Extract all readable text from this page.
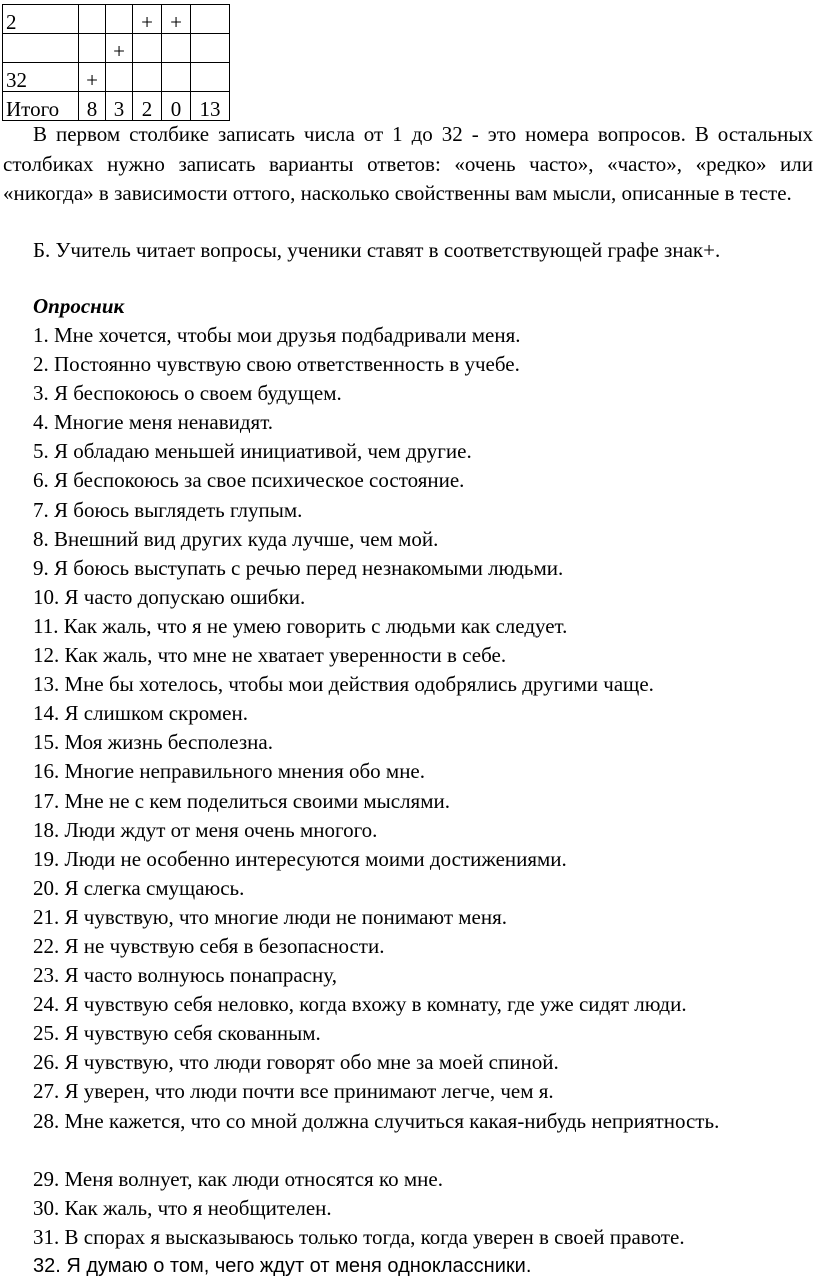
2			+	+	
		+			
32	+				
Итого	8	3	2	0	13

В первом столбике записать числа от 1 до 32 - это номера вопросов. В остальных столбиках нужно записать варианты ответов: «очень часто», «часто», «редко» или «никогда» в зависимости оттого, насколько свойственны вам мысли, описанные в тесте.

Б. Учитель читает вопросы, ученики ставят в соответствующей графе знак+.

Опросник

1. Мне хочется, чтобы мои друзья подбадривали меня.
2. Постоянно чувствую свою ответственность в учебе.
3. Я беспокоюсь о своем будущем.
4. Многие меня ненавидят.
5. Я обладаю меньшей инициативой, чем другие.
6. Я беспокоюсь за свое психическое состояние.
7. Я боюсь выглядеть глупым.
8. Внешний вид других куда лучше, чем мой.
9. Я боюсь выступать с речью перед незнакомыми людьми.
10. Я часто допускаю ошибки.
11. Как жаль, что я не умею говорить с людьми как следует.
12. Как жаль, что мне не хватает уверенности в себе.
13. Мне бы хотелось, чтобы мои действия одобрялись другими чаще.
14. Я слишком скромен.
15. Моя жизнь бесполезна.
16. Многие неправильного мнения обо мне.
17. Мне не с кем поделиться своими мыслями.
18. Люди ждут от меня очень многого.
19. Люди не особенно интересуются моими достижениями.
20. Я слегка смущаюсь.
21. Я чувствую, что многие люди не понимают меня.
22. Я не чувствую себя в безопасности.
23. Я часто волнуюсь понапрасну,
24. Я чувствую себя неловко, когда вхожу в комнату, где уже сидят люди.
25. Я чувствую себя скованным.
26. Я чувствую, что люди говорят обо мне за моей спиной.
27. Я уверен, что люди почти все принимают легче, чем я.
28. Мне кажется, что со мной должна случиться какая-нибудь неприятность.
29. Меня волнует, как люди относятся ко мне.
30. Как жаль, что я необщителен.
31. В спорах я высказываюсь только тогда, когда уверен в своей правоте.
32. Я думаю о том, чего ждут от меня одноклассники.
